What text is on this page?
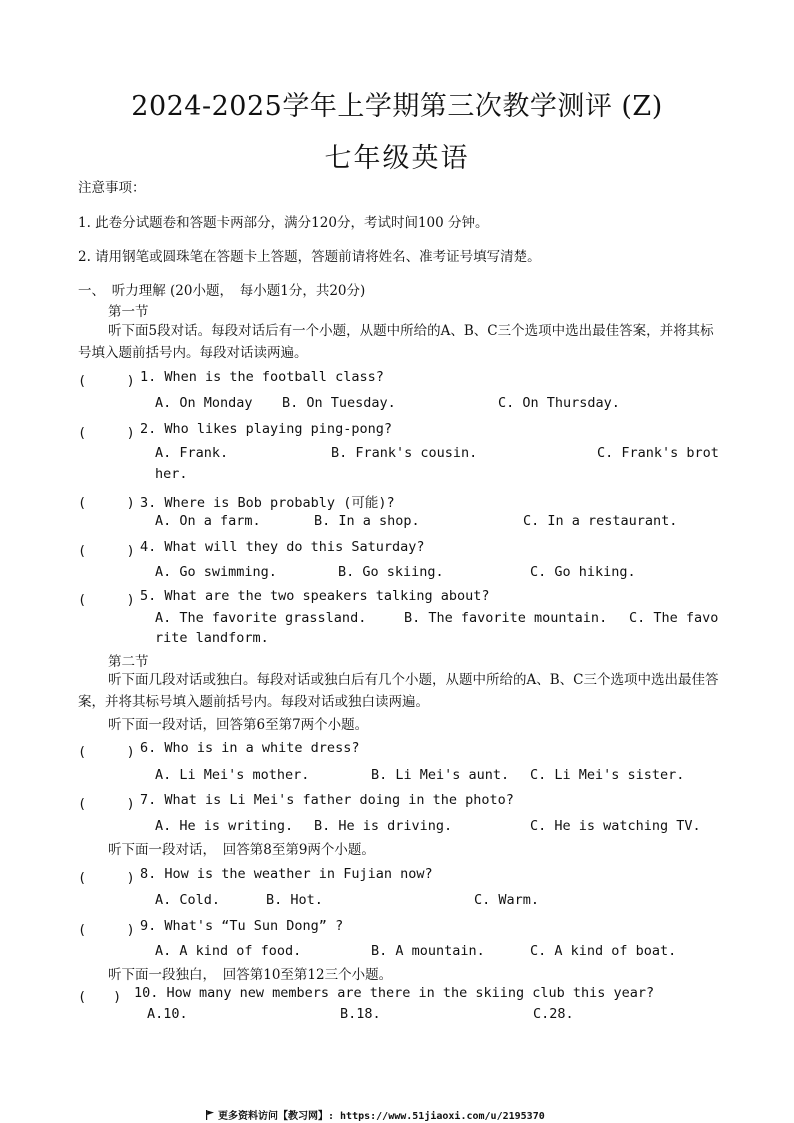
2024-2025学年上学期第三次教学测评 (Z)
七年级英语
注意事项：
1. 此卷分试题卷和答题卡两部分，满分120分，考试时间100 分钟。
2. 请用钢笔或圆珠笔在答题卡上答题，答题前请将姓名、准考证号填写清楚。
一、　听力理解 (20小题，　每小题1分，共20分)
第一节
听下面5段对话。每段对话后有一个小题，从题中所给的A、B、C三个选项中选出最佳答案，并将其标号填入题前括号内。每段对话读两遍。
(　　　) 1. When is the football class?
A. On Monday B. On Tuesday.	C. On Thursday.
(　　　) 2. Who likes playing ping-pong?
A. Frank.	B. Frank's cousin.	C. Frank's brot
her.
(　　　) 3. Where is Bob probably (可能)?
A. On a farm.	B. In a shop.	C. In a restaurant.
(　　　) 4. What will they do this Saturday?
A. Go swimming.	B. Go skiing.	C. Go hiking.
(　　　) 5. What are the two speakers talking about?
A. The favorite grassland.	B. The favorite mountain. C. The favo
rite landform.
第二节
听下面几段对话或独白。每段对话或独白后有几个小题，从题中所给的A、B、C三个选项中选出最佳答案，并将其标号填入题前括号内。每段对话或独白读两遍。
听下面一段对话，回答第6至第7两个小题。
(　　　) 6. Who is in a white dress?
A. Li Mei's mother.	B. Li Mei's aunt. C. Li Mei's sister.
(　　　) 7. What is Li Mei's father doing in the photo?
A. He is writing. B. He is driving.	C. He is watching TV.
听下面一段对话，　回答第8至第9两个小题。
(　　　) 8. How is the weather in Fujian now?
A. Cold.	B. Hot.	C. Warm.
(　　　) 9. What's “Tu Sun Dong” ?
A. A kind of food.	B. A mountain.	C. A kind of boat.
听下面一段独白，　回答第10至第12三个小题。
(　　) 10. How many new members are there in the skiing club this year?
A.10.	B.18.	C.28.
更多资料访问【教习网】: https://www.51jiaoxi.com/u/2195370
